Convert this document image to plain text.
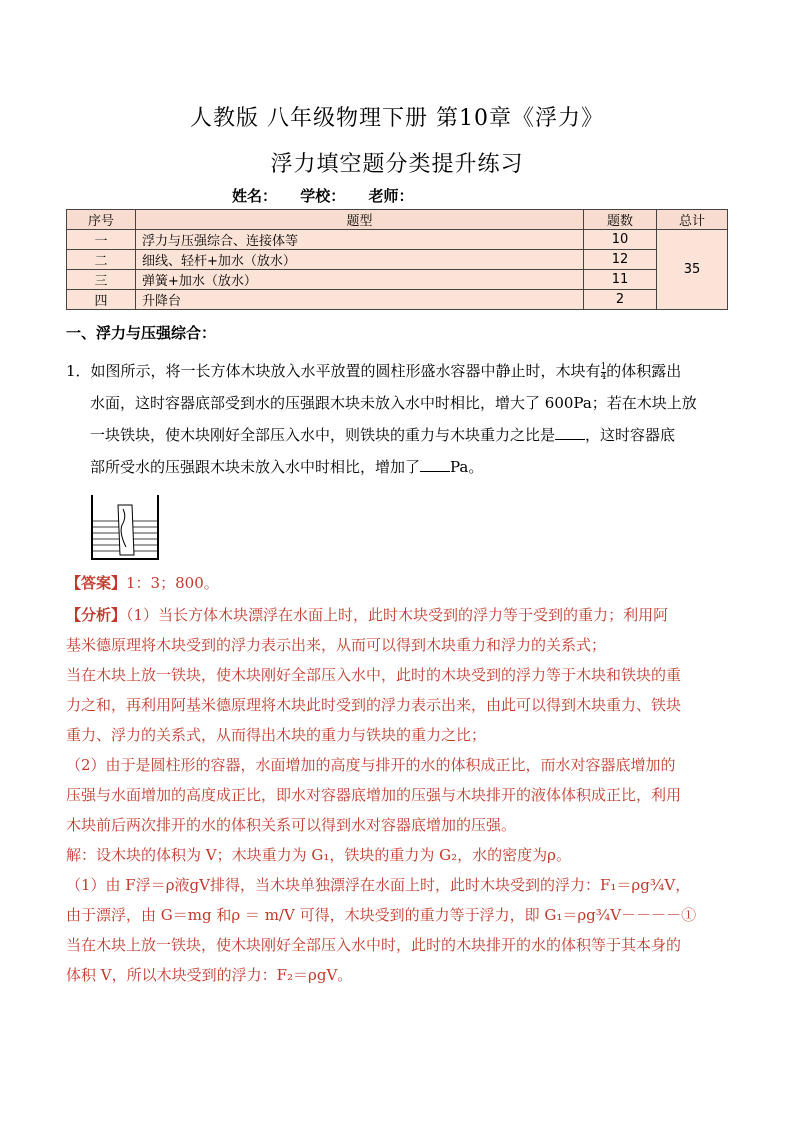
人教版 八年级物理下册 第10章《浮力》
浮力填空题分类提升练习
姓名： 学校： 老师：
序号	题型	题数	总计
一	浮力与压强综合、连接体等	10	35
二	细线、轻杆+加水（放水）	12	
三	弹簧+加水（放水）	11	
四	升降台	2	
一、浮力与压强综合：
1．如图所示，将一长方体木块放入水平放置的圆柱形盛水容器中静止时，木块有 $\frac{1}{4}$ 的体积露出
水面，这时容器底部受到水的压强跟木块未放入水中时相比，增大了 600Pa；若在木块上放
一块铁块，使木块刚好全部压入水中，则铁块的重力与木块重力之比是 ，这时容器底
部所受水的压强跟木块未放入水中时相比，增加了 Pa。
【答案】1：3；800。
【分析】（1）当长方体木块漂浮在水面上时，此时木块受到的浮力等于受到的重力；利用阿
基米德原理将木块受到的浮力表示出来，从而可以得到木块重力和浮力的关系式；
当在木块上放一铁块，使木块刚好全部压入水中，此时的木块受到的浮力等于木块和铁块的重
力之和，再利用阿基米德原理将木块此时受到的浮力表示出来，由此可以得到木块重力、铁块
重力、浮力的关系式，从而得出木块的重力与铁块的重力之比；
（2）由于是圆柱形的容器，水面增加的高度与排开的水的体积成正比，而水对容器底增加的
压强与水面增加的高度成正比，即水对容器底增加的压强与木块排开的液体体积成正比，利用
木块前后两次排开的水的体积关系可以得到水对容器底增加的压强。
解：设木块的体积为 V；木块重力为 G₁，铁块的重力为 G₂，水的密度为ρ。
（1）由 F浮＝ρ液gV排得，当木块单独漂浮在水面上时，此时木块受到的浮力：F₁＝ρg¾V，
由于漂浮，由 G＝mg 和ρ ＝ m/V 可得，木块受到的重力等于浮力，即 G₁＝ρg¾V－－－－①
当在木块上放一铁块，使木块刚好全部压入水中时，此时的木块排开的水的体积等于其本身的
体积 V，所以木块受到的浮力：F₂＝ρgV。
